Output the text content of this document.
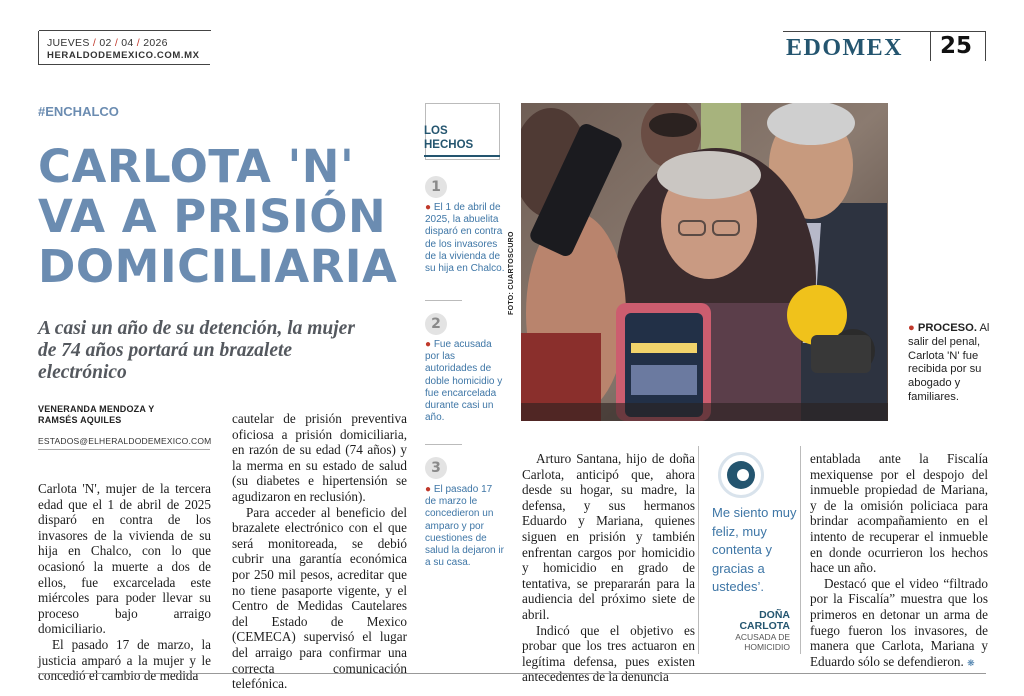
JUEVES / 02 / 04 / 2026
HERALDODEMEXICO.COM.MX	EDOMEX 25
#ENCHALCO
CARLOTA 'N'
VA A PRISIÓN
DOMICILIARIA
A casi un año de su detención, la mujer de 74 años portará un brazalete electrónico
VENERANDA MENDOZA Y
RAMSÉS AQUILES
ESTADOS@ELHERALDODEMEXICO.COM

Carlota 'N', mujer de la tercera edad que el 1 de abril de 2025 disparó en contra de los invasores de la vivienda de su hija en Chalco, con lo que ocasionó la muerte a dos de ellos, fue excarcelada este miércoles para poder llevar su proceso bajo arraigo domiciliario.

El pasado 17 de marzo, la justicia amparó a la mujer y le concedió el cambio de medida

cautelar de prisión preventiva oficiosa a prisión domiciliaria, en razón de su edad (74 años) y la merma en su estado de salud (su diabetes e hipertensión se agudizaron en reclusión).

Para acceder al beneficio del brazalete electrónico con el que será monitoreada, se debió cubrir una garantía económica por 250 mil pesos, acreditar que no tiene pasaporte vigente, y el Centro de Medidas Cautelares del Estado de Mexico (CEMECA) supervisó el lugar del arraigo para confirmar una correcta comunicación telefónica.

LOS
HECHOS
1
● El 1 de abril de 2025, la abuelita disparó en contra de los invasores de la vivienda de su hija en Chalco.
2
● Fue acusada por las autoridades de doble homicidio y fue encarcelada durante casi un año.
3
● El pasado 17 de marzo le concedieron un amparo y por cuestiones de salud la dejaron ir a su casa.
FOTO: CUARTOSCURO
● PROCESO. Al salir del penal, Carlota 'N' fue recibida por su abogado y familiares.

Arturo Santana, hijo de doña Carlota, anticipó que, ahora desde su hogar, su madre, la defensa, y sus hermanos Eduardo y Mariana, quienes siguen en prisión y también enfrentan cargos por homicidio y homicidio en grado de tentativa, se prepararán para la audiencia del próximo siete de abril.

Indicó que el objetivo es probar que los tres actuaron en legítima defensa, pues existen antecedentes de la denuncia

Me siento muy feliz, muy contenta y gracias a ustedes’.
DOÑA
CARLOTA
ACUSADA DE
HOMICIDIO

entablada ante la Fiscalía mexiquense por el despojo del inmueble propiedad de Mariana, y de la omisión policiaca para brindar acompañamiento en el intento de recuperar el inmueble en donde ocurrieron los hechos hace un año.

Destacó que el video “filtrado por la Fiscalía” muestra que los primeros en detonar un arma de fuego fueron los invasores, de manera que Carlota, Mariana y Eduardo sólo se defendieron. ❋
